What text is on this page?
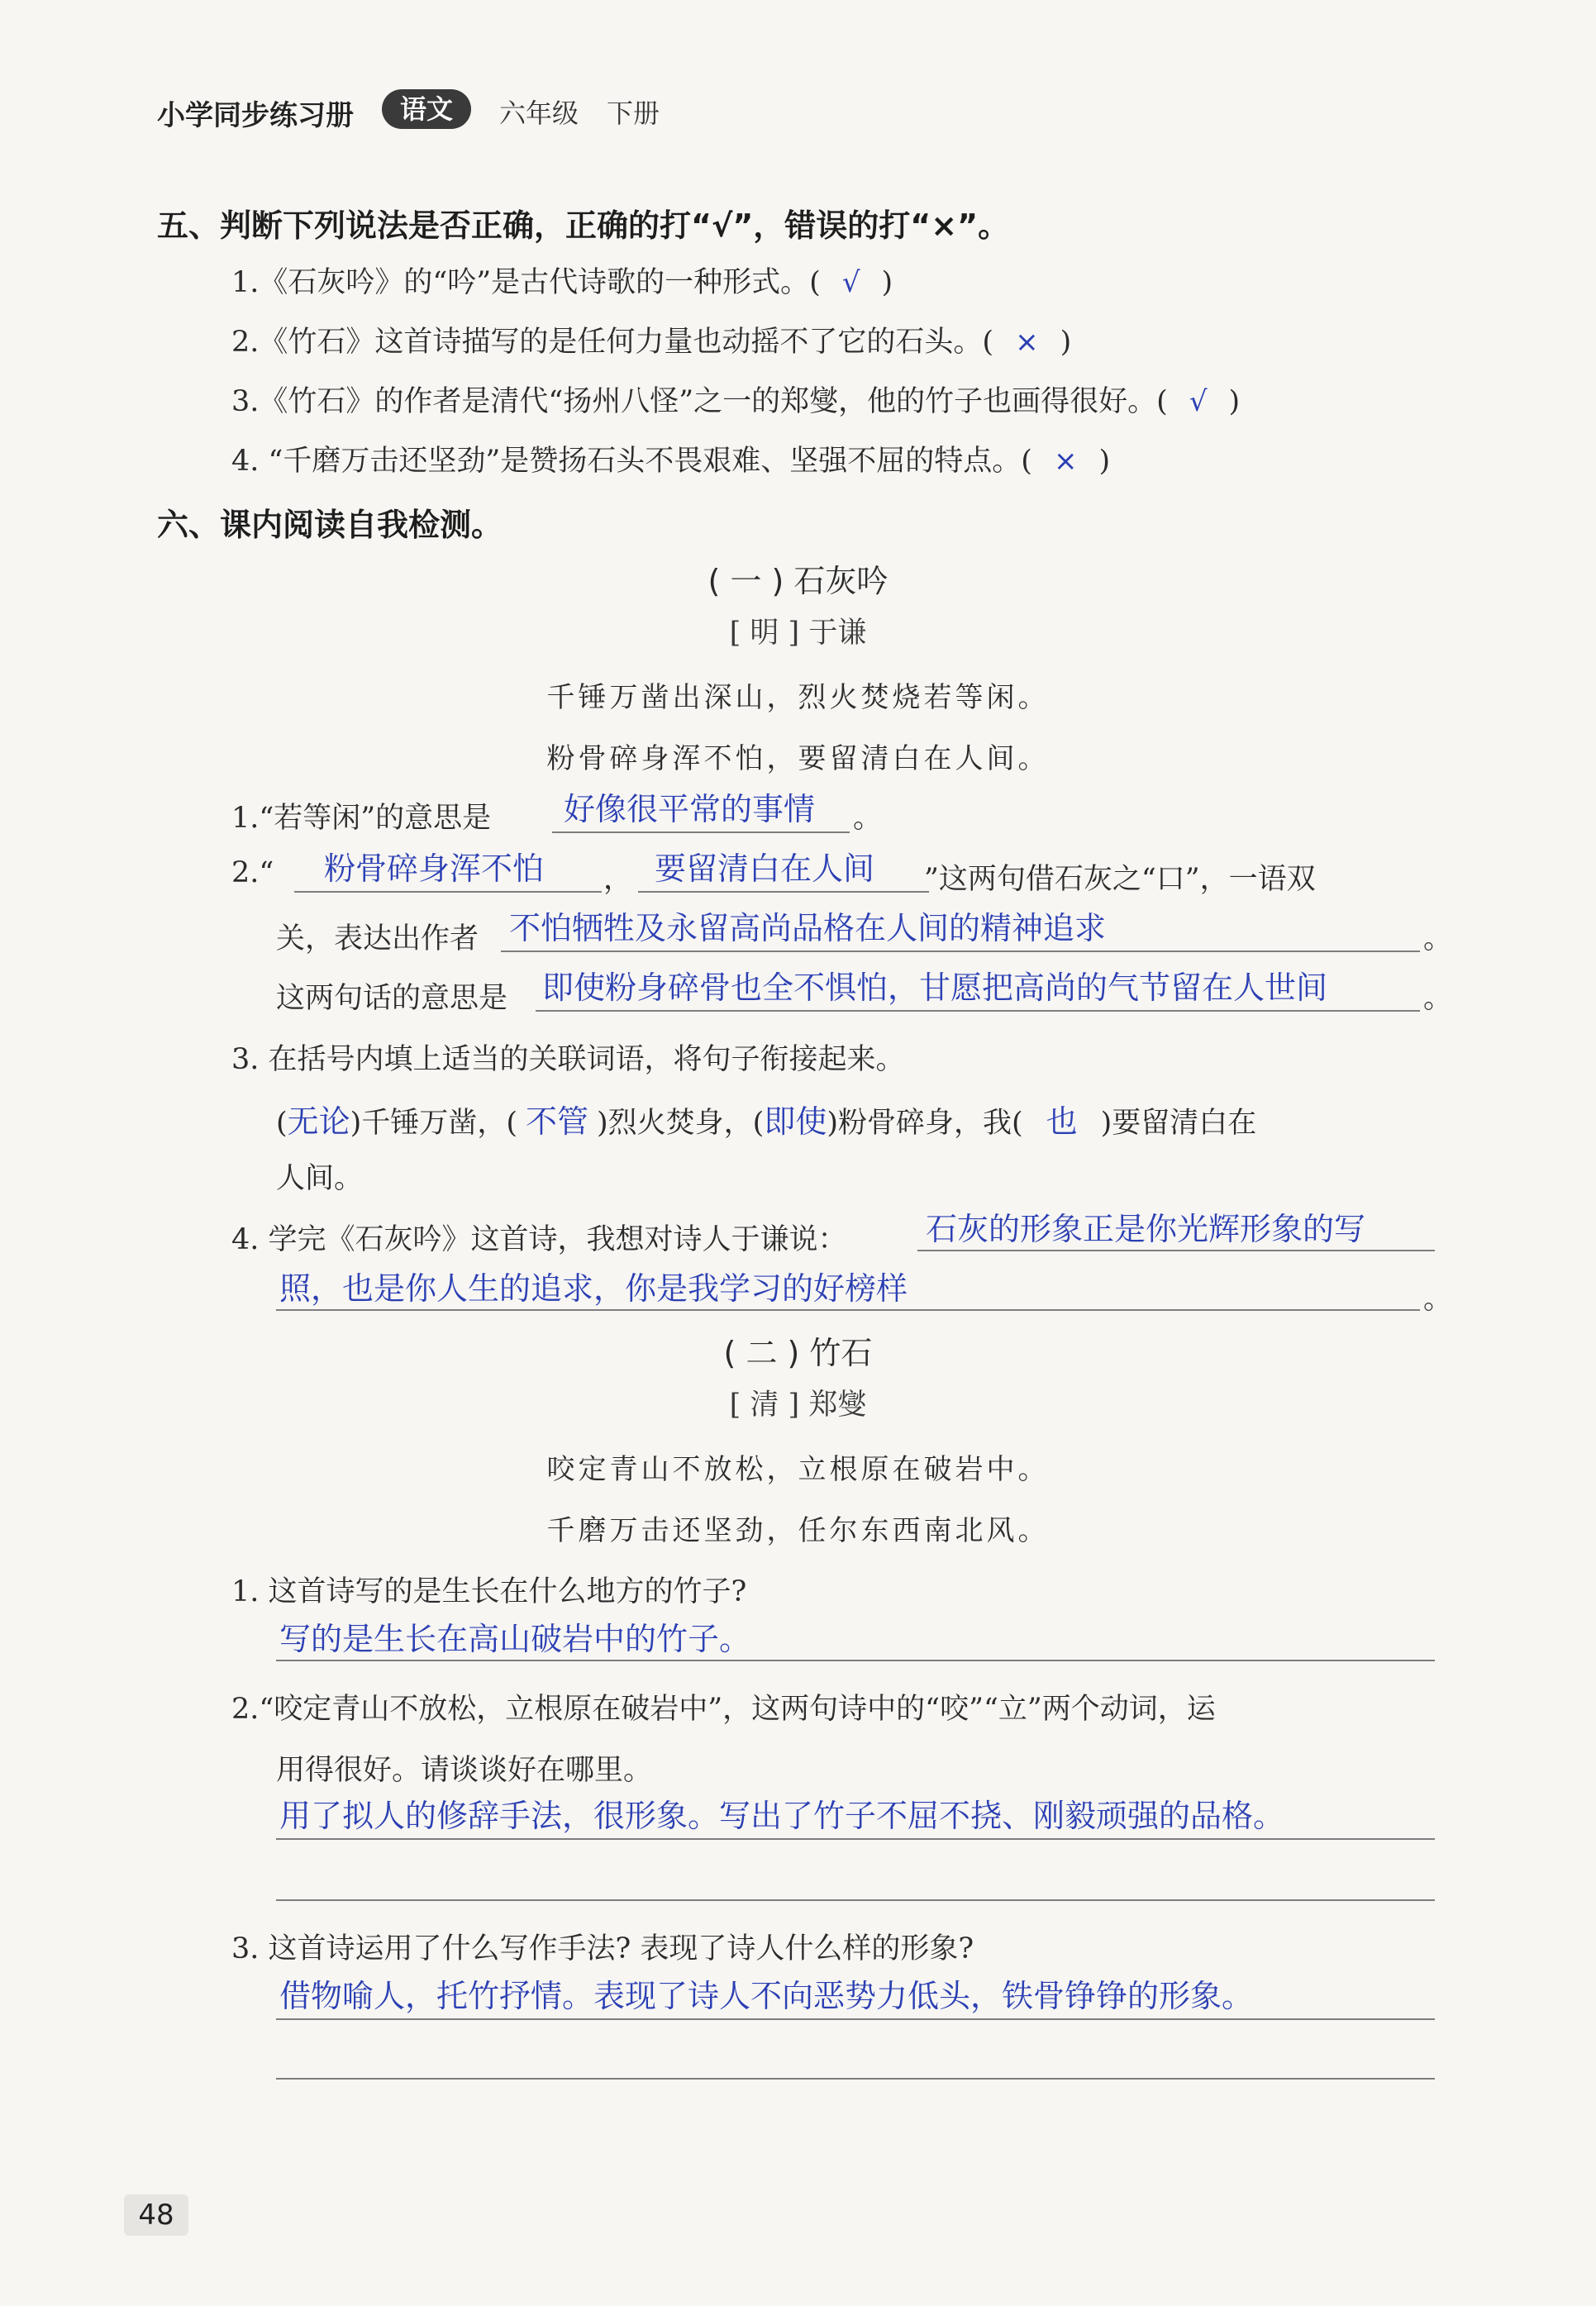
小学同步练习册	语文	六年级 下册
五、判断下列说法是否正确，正确的打“√”，错误的打“×”。
1.《石灰吟》的“吟”是古代诗歌的一种形式。( √ )
2.《竹石》这首诗描写的是任何力量也动摇不了它的石头。( × )
3.《竹石》的作者是清代“扬州八怪”之一的郑燮，他的竹子也画得很好。( √ )
4. “千磨万击还坚劲”是赞扬石头不畏艰难、坚强不屈的特点。( × )
六、课内阅读自我检测。
( 一 ) 石灰吟
[ 明 ] 于谦
千锤万凿出深山，烈火焚烧若等闲。
粉骨碎身浑不怕，要留清白在人间。
1.“若等闲”的意思是 好像很平常的事情 。
2.“ 粉骨碎身浑不怕 ， 要留清白在人间 ”这两句借石灰之“口”，一语双
关，表达出作者 不怕牺牲及永留高尚品格在人间的精神追求	。
这两句话的意思是 即使粉身碎骨也全不惧怕，甘愿把高尚的气节留在人世间	。
3. 在括号内填上适当的关联词语，将句子衔接起来。
(无论)千锤万凿，( 不管 )烈火焚身，(即使)粉骨碎身，我( 也 )要留清白在
人间。
4. 学完《石灰吟》这首诗，我想对诗人于谦说：	石灰的形象正是你光辉形象的写
照，也是你人生的追求，你是我学习的好榜样	。
( 二 ) 竹石
[ 清 ] 郑燮
咬定青山不放松，立根原在破岩中。
千磨万击还坚劲，任尔东西南北风。
1. 这首诗写的是生长在什么地方的竹子?
写的是生长在高山破岩中的竹子。
2.“咬定青山不放松，立根原在破岩中”，这两句诗中的“咬”“立”两个动词，运
用得很好。请谈谈好在哪里。
用了拟人的修辞手法，很形象。写出了竹子不屈不挠、刚毅顽强的品格。
3. 这首诗运用了什么写作手法? 表现了诗人什么样的形象?
借物喻人，托竹抒情。表现了诗人不向恶势力低头，铁骨铮铮的形象。
48
